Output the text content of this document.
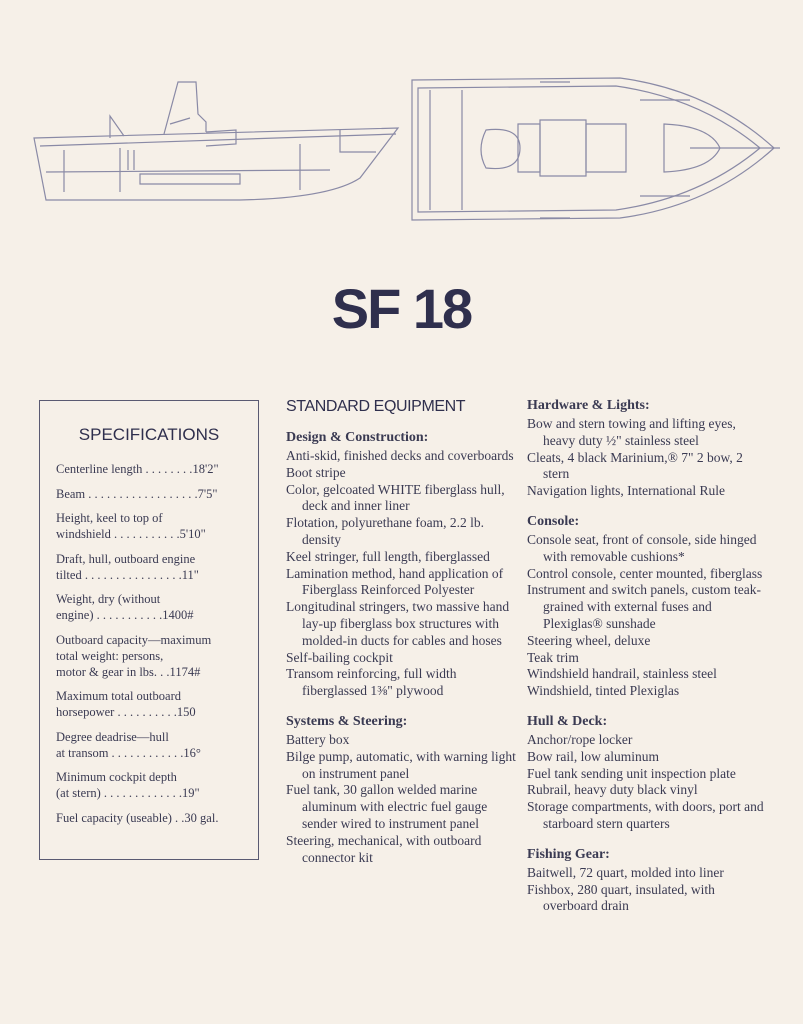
SF 18
SPECIFICATIONS
Centerline length . . . . . . . .18'2"
Beam . . . . . . . . . . . . . . . . . .7'5"
Height, keel to top of
windshield . . . . . . . . . . .5'10"
Draft, hull, outboard engine
tilted . . . . . . . . . . . . . . . .11"
Weight, dry (without
engine) . . . . . . . . . . .1400#
Outboard capacity—maximum
total weight: persons,
motor & gear in lbs. . .1174#
Maximum total outboard
horsepower . . . . . . . . . .150
Degree deadrise—hull
at transom . . . . . . . . . . . .16°
Minimum cockpit depth
(at stern) . . . . . . . . . . . . .19"
Fuel capacity (useable) . .30 gal.
STANDARD EQUIPMENT
Design & Construction:
Anti-skid, finished decks and coverboards
Boot stripe
Color, gelcoated WHITE fiberglass hull, deck and inner liner
Flotation, polyurethane foam, 2.2 lb. density
Keel stringer, full length, fiberglassed
Lamination method, hand application of Fiberglass Reinforced Polyester
Longitudinal stringers, two massive hand lay-up fiberglass box structures with molded-in ducts for cables and hoses
Self-bailing cockpit
Transom reinforcing, full width fiberglassed 1⅜" plywood
Systems & Steering:
Battery box
Bilge pump, automatic, with warning light on instrument panel
Fuel tank, 30 gallon welded marine aluminum with electric fuel gauge sender wired to instrument panel
Steering, mechanical, with outboard connector kit
Hardware & Lights:
Bow and stern towing and lifting eyes, heavy duty ½" stainless steel
Cleats, 4 black Marinium,® 7" 2 bow, 2 stern
Navigation lights, International Rule
Console:
Console seat, front of console, side hinged with removable cushions*
Control console, center mounted, fiberglass
Instrument and switch panels, custom teak-grained with external fuses and Plexiglas® sunshade
Steering wheel, deluxe
Teak trim
Windshield handrail, stainless steel
Windshield, tinted Plexiglas
Hull & Deck:
Anchor/rope locker
Bow rail, low aluminum
Fuel tank sending unit inspection plate
Rubrail, heavy duty black vinyl
Storage compartments, with doors, port and starboard stern quarters
Fishing Gear:
Baitwell, 72 quart, molded into liner
Fishbox, 280 quart, insulated, with overboard drain
